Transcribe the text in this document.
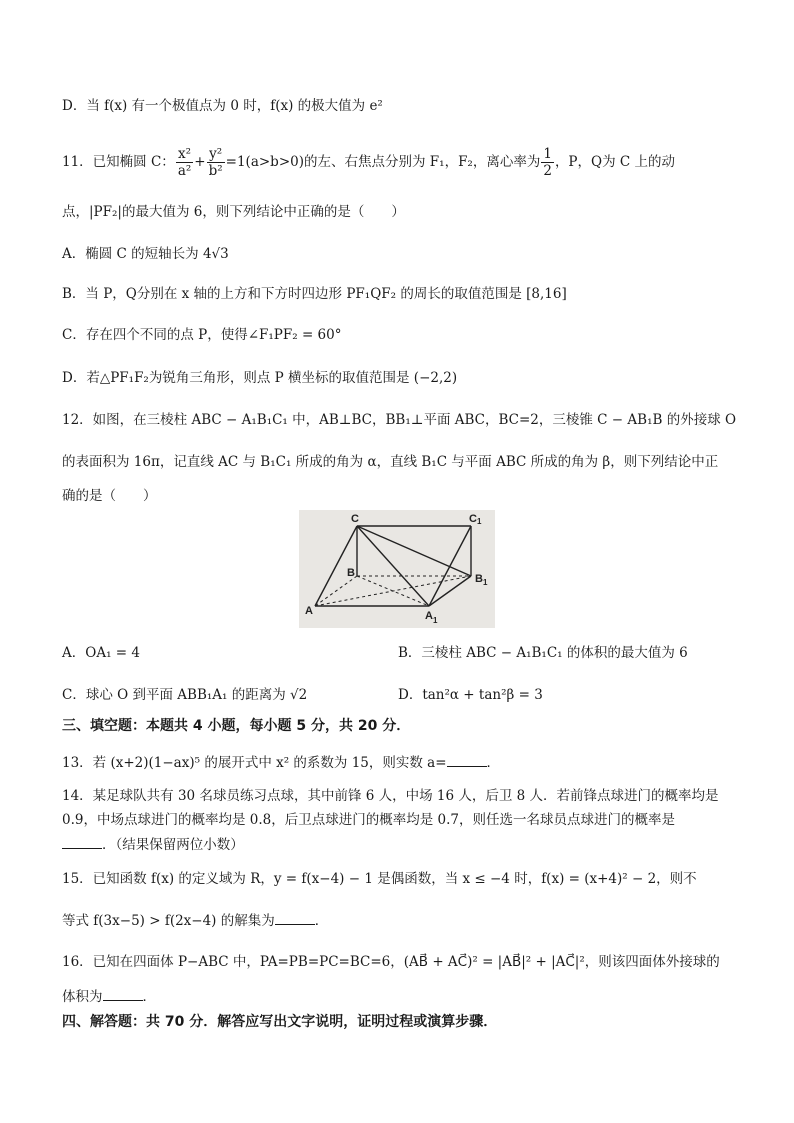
D．当 f(x) 有一个极值点为 0 时，f(x) 的极大值为 e²
11．已知椭圆 C： $\frac{\text{x²}}{\text{a²}} + \frac{\text{y²}}{\text{b²}} =1(a>b>0)$的左、右焦点分别为 F₁，F₂，离心率为 $\frac{1}{2}$ ，P，Q为 C 上的动
点，|PF₂|的最大值为 6，则下列结论中正确的是（　　）
A．椭圆 C 的短轴长为 4√3
B．当 P，Q分别在 x 轴的上方和下方时四边形 PF₁QF₂ 的周长的取值范围是 [8,16]
C．存在四个不同的点 P，使得∠F₁PF₂ = 60°
D．若△PF₁F₂为锐角三角形，则点 P 横坐标的取值范围是 (−2,2)
12．如图，在三棱柱 ABC − A₁B₁C₁ 中，AB⊥BC，BB₁⊥平面 ABC，BC=2，三棱锥 C − AB₁B 的外接球 O
的表面积为 16π，记直线 AC 与 B₁C₁ 所成的角为 α，直线 B₁C 与平面 ABC 所成的角为 β，则下列结论中正
确的是（　　）
C	C 1
B	B 1
A	A 1
A．OA₁ = 4	B．三棱柱 ABC − A₁B₁C₁ 的体积的最大值为 6
C．球心 O 到平面 ABB₁A₁ 的距离为 √2	D．tan²α + tan²β = 3
三、填空题：本题共 4 小题，每小题 5 分，共 20 分．
13．若 (x+2)(1−ax)⁵ 的展开式中 x² 的系数为 15，则实数 a=	．
14．某足球队共有 30 名球员练习点球，其中前锋 6 人，中场 16 人，后卫 8 人．若前锋点球进门的概率均是
0.9，中场点球进门的概率均是 0.8，后卫点球进门的概率均是 0.7，则任选一名球员点球进门的概率是
．（结果保留两位小数）
15．已知函数 f(x) 的定义域为 R，y = f(x−4) − 1 是偶函数，当 x ≤ −4 时，f(x) = (x+4)² − 2，则不
等式 f(3x−5) > f(2x−4) 的解集为	．
16．已知在四面体 P−ABC 中，PA=PB=PC=BC=6，(AB⃗ + AC⃗)² = |AB⃗|² + |AC⃗|²，则该四面体外接球的
体积为	．
四、解答题：共 70 分．解答应写出文字说明，证明过程或演算步骤．
